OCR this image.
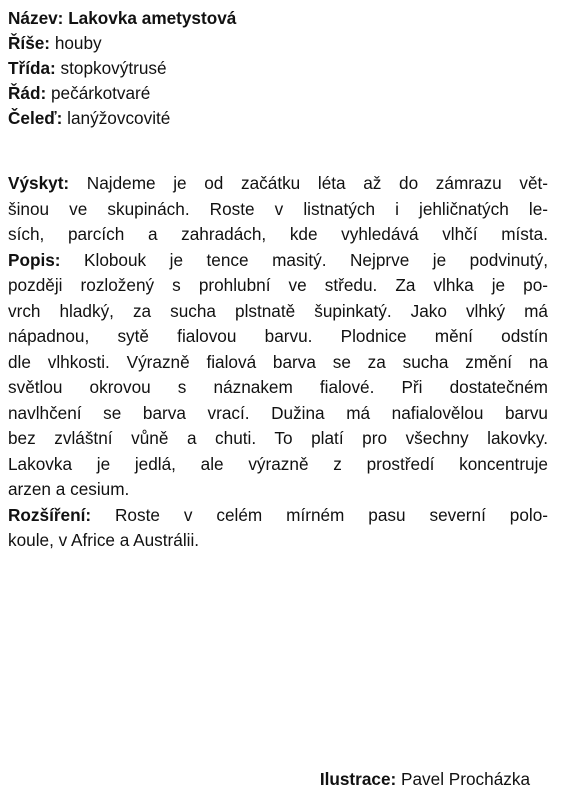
Název: Lakovka ametystová
Říše: houby
Třída: stopkovýtrusé
Řád: pečárkotvaré
Čeleď: lanýžovcovité
Výskyt: Najdeme je od začátku léta až do zámrazu vět-
šinou ve skupinách. Roste v listnatých i jehličnatých le-
sích, parcích a zahradách, kde vyhledává vlhčí místa.
Popis: Klobouk je tence masitý. Nejprve je podvinutý,
později rozložený s prohlubní ve středu. Za vlhka je po-
vrch hladký, za sucha plstnatě šupinkatý. Jako vlhký má
nápadnou, sytě fialovou barvu. Plodnice mění odstín
dle vlhkosti. Výrazně fialová barva se za sucha změní na
světlou okrovou s náznakem fialové. Při dostatečném
navlhčení se barva vrací. Dužina má nafialovělou barvu
bez zvláštní vůně a chuti. To platí pro všechny lakovky.
Lakovka je jedlá, ale výrazně z prostředí koncentruje
arzen a cesium.
Rozšíření: Roste v celém mírném pasu severní polo-
koule, v Africe a Austrálii.
Ilustrace: Pavel Procházka
